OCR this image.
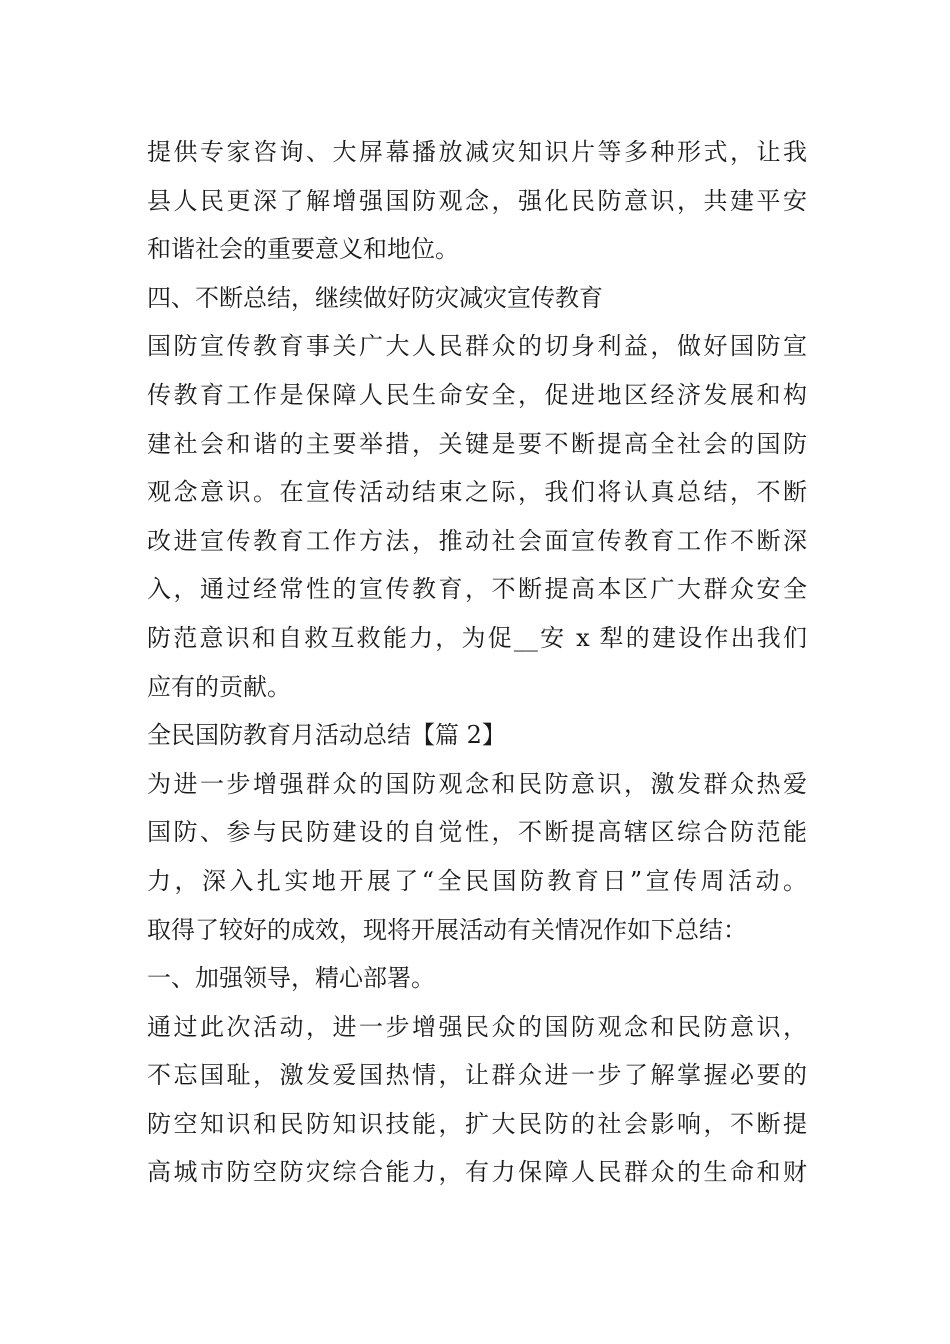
提供专家咨询、大屏幕播放减灾知识片等多种形式，让我
县人民更深了解增强国防观念，强化民防意识，共建平安
和谐社会的重要意义和地位。
四、不断总结，继续做好防灾减灾宣传教育
国防宣传教育事关广大人民群众的切身利益，做好国防宣
传教育工作是保障人民生命安全，促进地区经济发展和构
建社会和谐的主要举措，关键是要不断提高全社会的国防
观念意识。在宣传活动结束之际，我们将认真总结，不断
改进宣传教育工作方法，推动社会面宣传教育工作不断深
入，通过经常性的宣传教育，不断提高本区广大群众安全
防范意识和自救互救能力，为促__安 x 犁的建设作出我们
应有的贡献。
全民国防教育月活动总结【篇 2】
为进一步增强群众的国防观念和民防意识，激发群众热爱
国防、参与民防建设的自觉性，不断提高辖区综合防范能
力，深入扎实地开展了“全民国防教育日”宣传周活动。
取得了较好的成效，现将开展活动有关情况作如下总结：
一、加强领导，精心部署。
通过此次活动，进一步增强民众的国防观念和民防意识，
不忘国耻，激发爱国热情，让群众进一步了解掌握必要的
防空知识和民防知识技能，扩大民防的社会影响，不断提
高城市防空防灾综合能力，有力保障人民群众的生命和财
